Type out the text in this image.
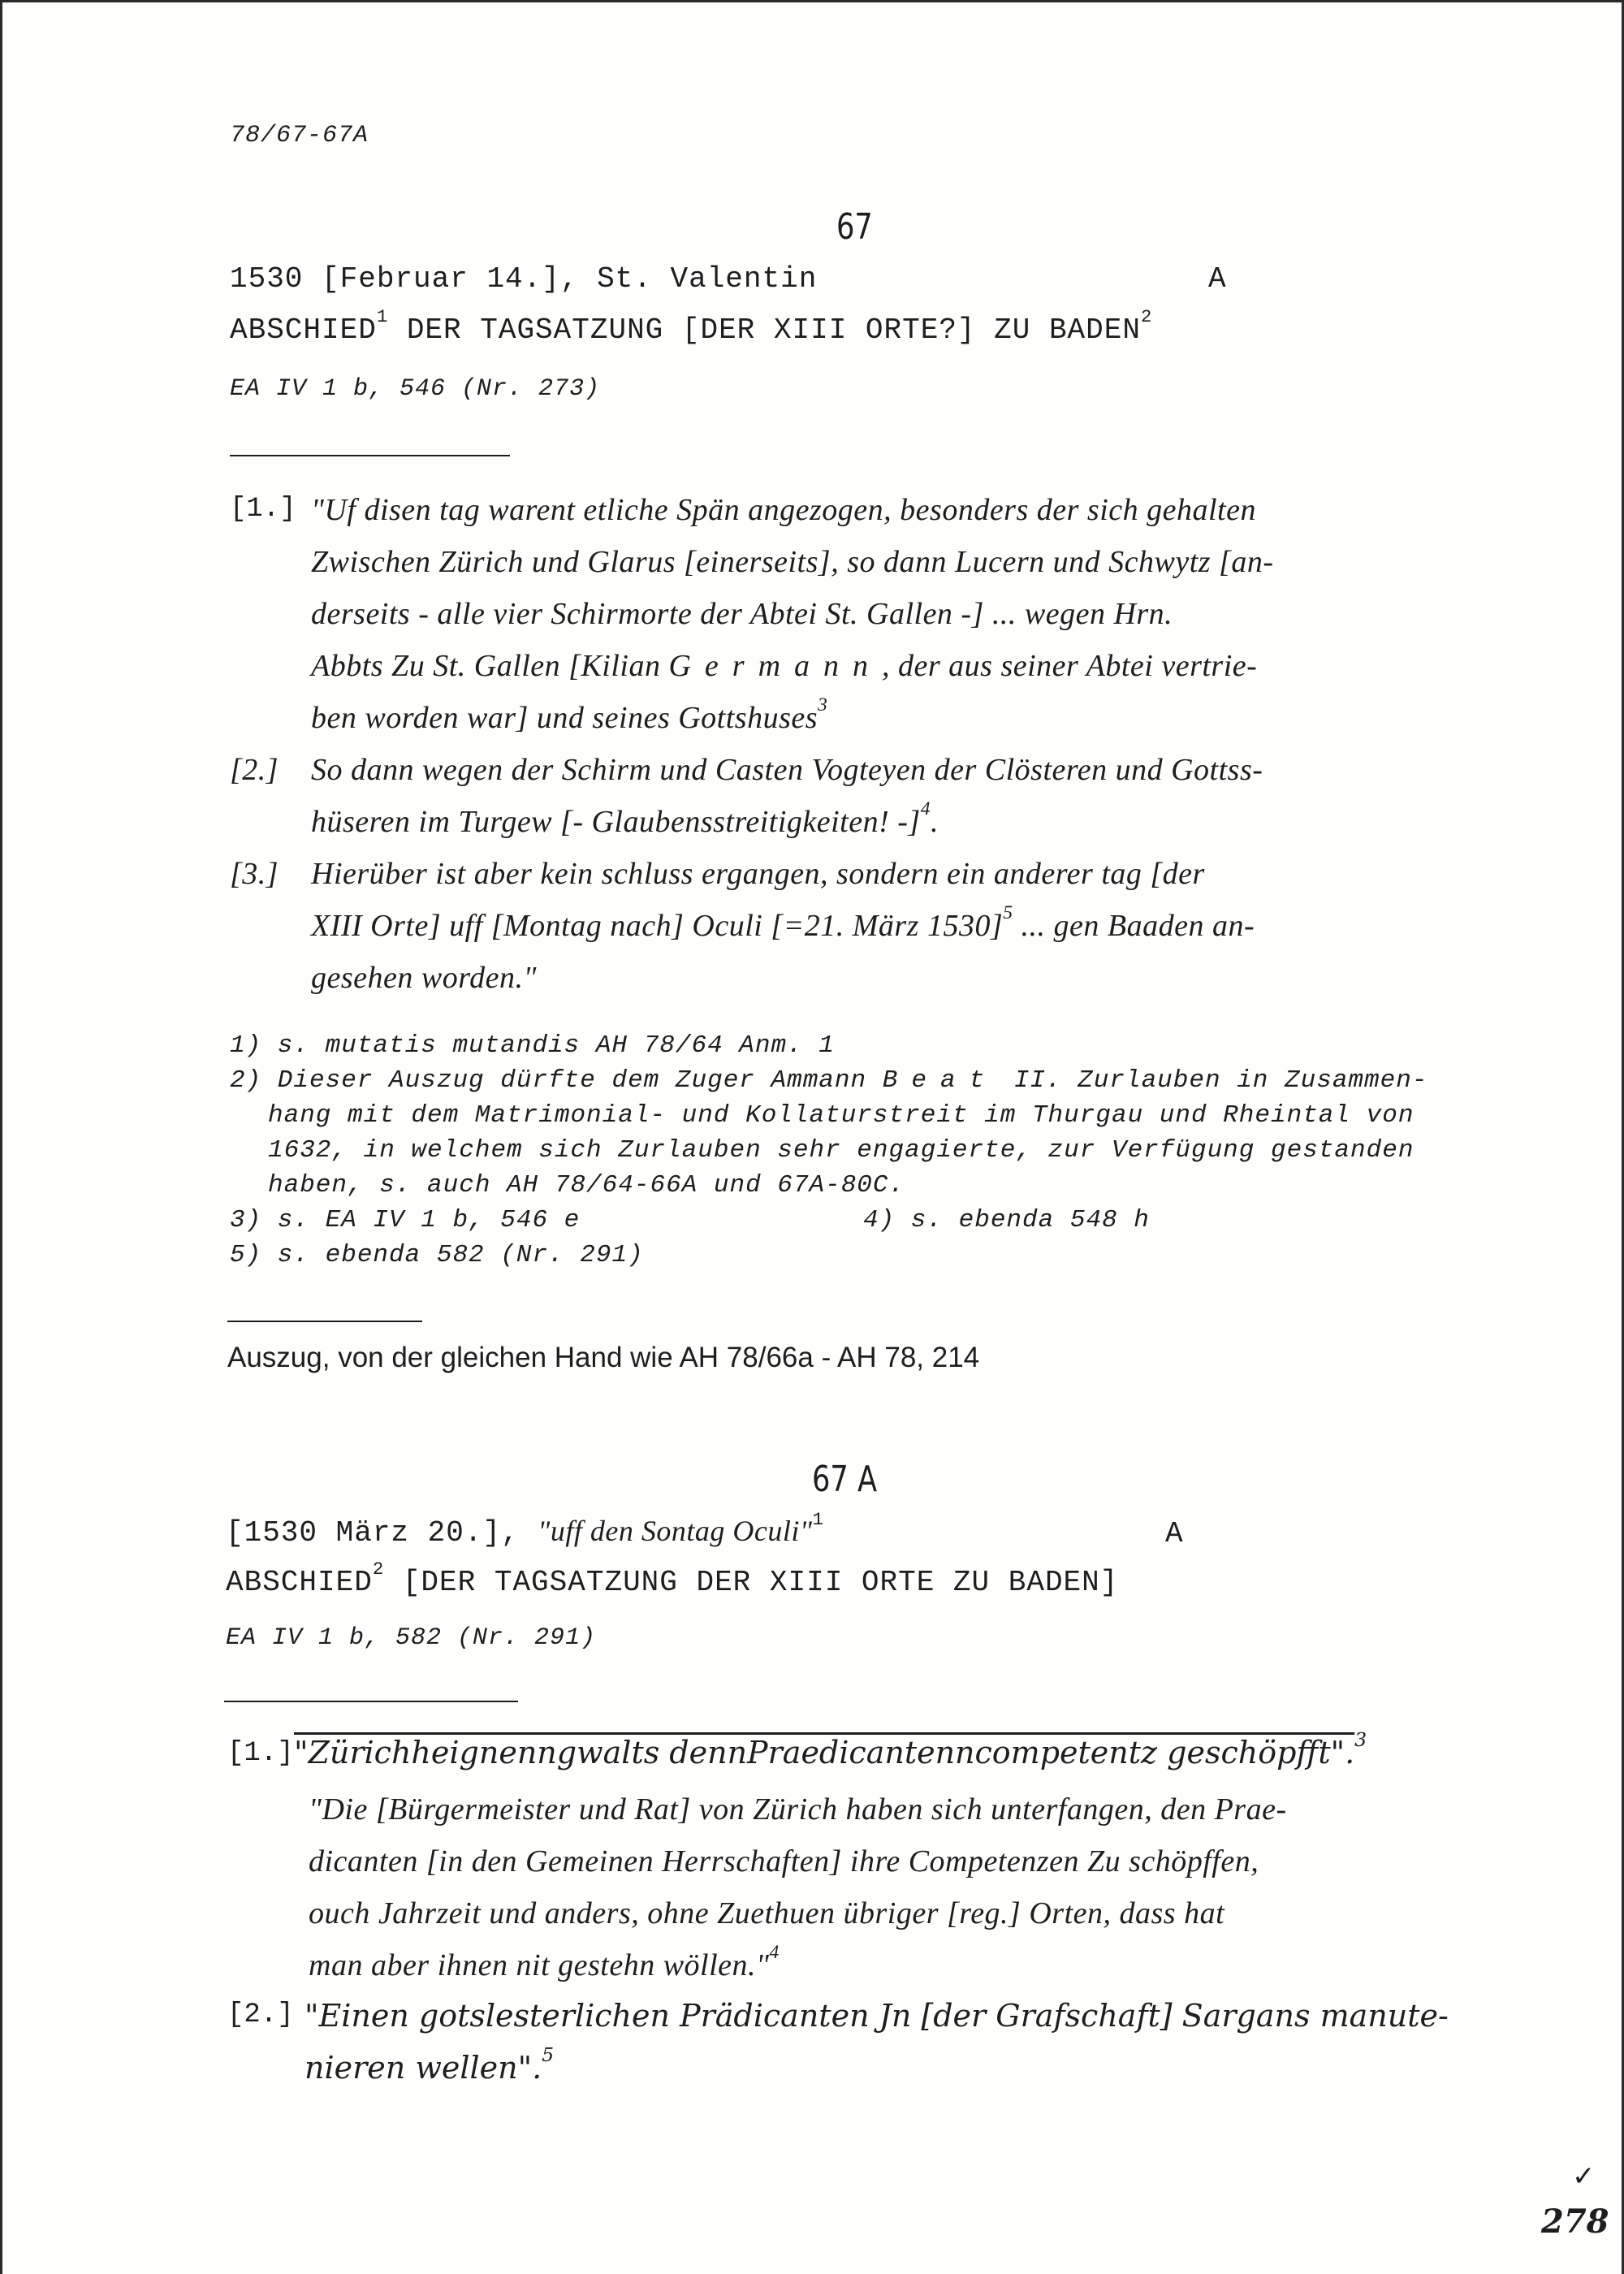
78/67-67A
67
1530 [Februar 14.], St. Valentin	A
ABSCHIED$^1$ DER TAGSATZUNG [DER XIII ORTE?] ZU BADEN$^2$
EA IV 1 b, 546 (Nr. 273)
[1.] "Uf disen tag warent etliche Spän angezogen, besonders der sich gehalten
Zwischen Zürich und Glarus [einerseits], so dann Lucern und Schwytz [an-
derseits - alle vier Schirmorte der Abtei St. Gallen -] ... wegen Hrn.
Abbts Zu St. Gallen [Kilian Germann, der aus seiner Abtei vertrie-
ben worden war] und seines Gottshuses$^3$
[2.] So dann wegen der Schirm und Casten Vogteyen der Clösteren und Gottss-
hüseren im Turgew [- Glaubensstreitigkeiten! -]$^4$.
[3.] Hierüber ist aber kein schluss ergangen, sondern ein anderer tag [der
XIII Orte] uff [Montag nach] Oculi [=21. März 1530]$^5$ ... gen Baaden an-
gesehen worden."
1) s. mutatis mutandis AH 78/64 Anm. 1
2) Dieser Auszug dürfte dem Zuger Ammann Beat II. Zurlauben in Zusammen-
hang mit dem Matrimonial- und Kollaturstreit im Thurgau und Rheintal von
1632, in welchem sich Zurlauben sehr engagierte, zur Verfügung gestanden
haben, s. auch AH 78/64-66A und 67A-80C.
3) s. EA IV 1 b, 546 e	4) s. ebenda 548 h
5) s. ebenda 582 (Nr. 291)
Auszug, von der gleichen Hand wie AH 78/66a - AH 78, 214
67 A
[1530 März 20.], "uff den Sontag Oculi"$^1$	A
ABSCHIED$^2$ [DER TAGSATZUNG DER XIII ORTE ZU BADEN]
EA IV 1 b, 582 (Nr. 291)
[1.] "Zürichheignenngwalts dennPraedicantenncompetentz geschöpfft".$^3$
"Die [Bürgermeister und Rat] von Zürich haben sich unterfangen, den Prae-
dicanten [in den Gemeinen Herrschaften] ihre Competenzen Zu schöpffen,
ouch Jahrzeit und anders, ohne Zuethuen übriger [reg.] Orten, dass hat
man aber ihnen nit gestehn wöllen."$^4$
[2.] "Einen gotslesterlichen Prädicanten Jn [der Grafschaft] Sargans manute-
nieren wellen".$^5$
✓
278
